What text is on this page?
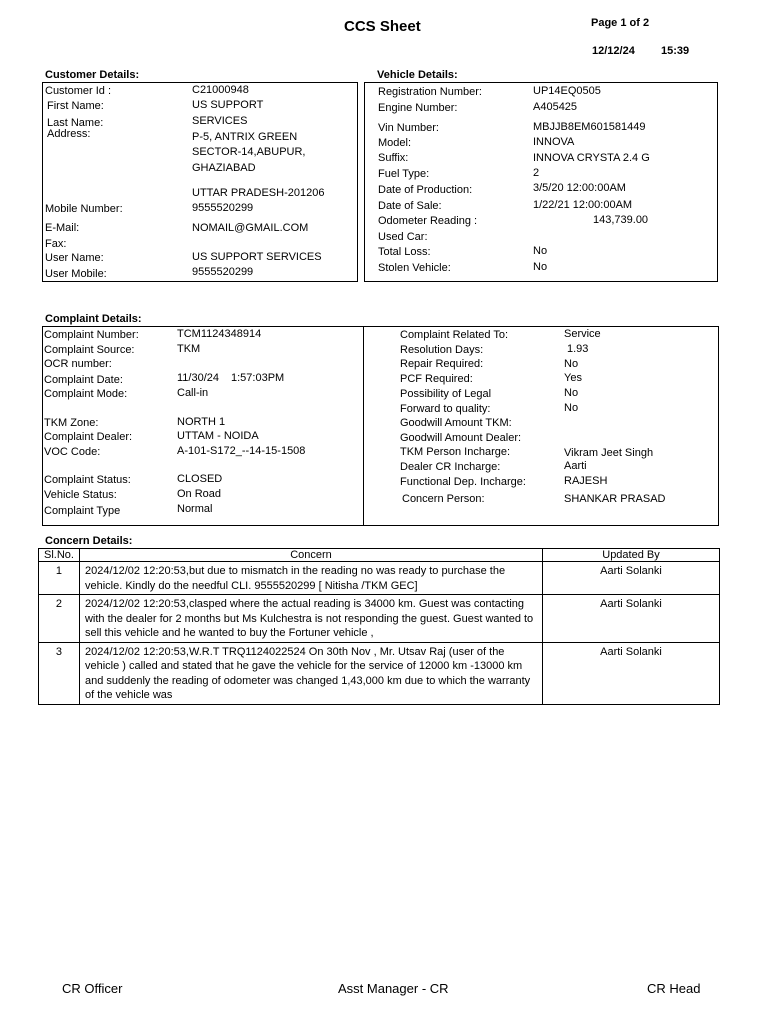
CCS Sheet	Page 1 of 2
12/12/24 15:39
Customer Details:
Customer Id :	C21000948
First Name:	US SUPPORT
Last Name:	SERVICES
Address:	P-5, ANTRIX GREEN
SECTOR-14,ABUPUR,
GHAZIABAD
UTTAR PRADESH-201206
Mobile Number:	9555520299
E-Mail:	NOMAIL@GMAIL.COM
Fax:
User Name:	US SUPPORT SERVICES
User Mobile:	9555520299
Vehicle Details:
Registration Number:	UP14EQ0505
Engine Number:	A405425
Vin Number:	MBJJB8EM601581449
Model:	INNOVA
Suffix:	INNOVA CRYSTA 2.4 G
Fuel Type:	2
Date of Production:	3/5/20 12:00:00AM
Date of Sale:	1/22/21 12:00:00AM
Odometer Reading :	143,739.00
Used Car:
Total Loss:	No
Stolen Vehicle:	No
Complaint Details:
Complaint Number:	TCM1124348914
Complaint Source:	TKM
OCR number:
Complaint Date:	11/30/24 1:57:03PM
Complaint Mode:	Call-in
TKM Zone:	NORTH 1
Complaint Dealer:	UTTAM - NOIDA
VOC Code:	A-101-S172_--14-15-1508
Complaint Status:	CLOSED
Vehicle Status:	On Road
Complaint Type	Normal
Complaint Related To:	Service
Resolution Days:	1.93
Repair Required:	No
PCF Required:	Yes
Possibility of Legal	No
Forward to quality:	No
Goodwill Amount TKM:
Goodwill Amount Dealer:
TKM Person Incharge:	Vikram Jeet Singh
Dealer CR Incharge:	Aarti
Functional Dep. Incharge:	RAJESH
Concern Person:	SHANKAR PRASAD
Concern Details:
Sl.No.	Concern	Updated By
1	2024/12/02 12:20:53,but due to mismatch in the reading no was ready to purchase the vehicle. Kindly do the needful CLI. 9555520299 [ Nitisha /TKM GEC]	Aarti Solanki
2	2024/12/02 12:20:53,clasped where the actual reading is 34000 km. Guest was contacting with the dealer for 2 months but Ms Kulchestra is not responding the guest. Guest wanted to sell this vehicle and he wanted to buy the Fortuner vehicle ,	Aarti Solanki
3	2024/12/02 12:20:53,W.R.T TRQ1124022524 On 30th Nov , Mr. Utsav Raj (user of the vehicle ) called and stated that he gave the vehicle for the service of 12000 km -13000 km and suddenly the reading of odometer was changed 1,43,000 km due to which the warranty of the vehicle was	Aarti Solanki
CR Officer	Asst Manager - CR	CR Head
